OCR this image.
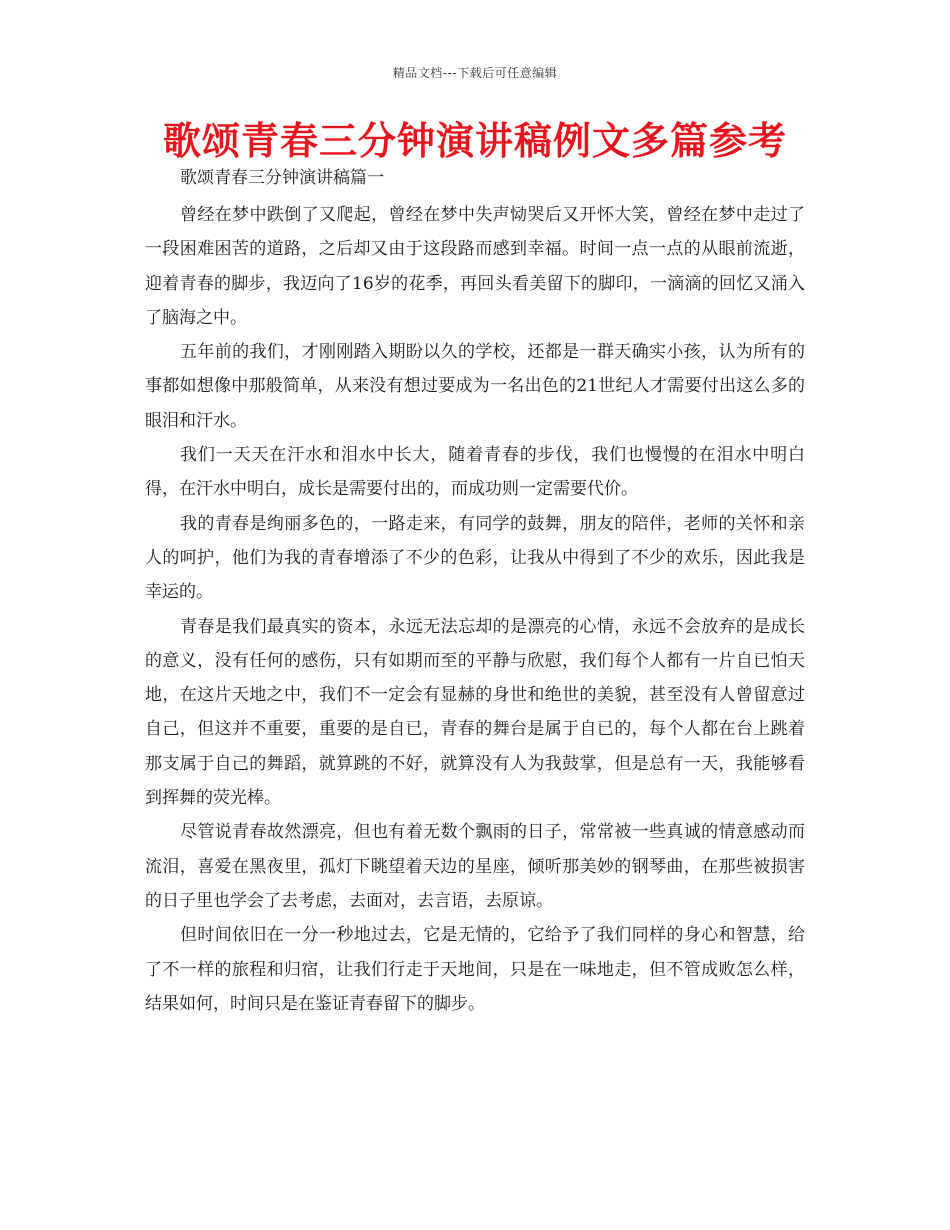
精品文档---下载后可任意编辑
歌颂青春三分钟演讲稿例文多篇参考

歌颂青春三分钟演讲稿篇一

曾经在梦中跌倒了又爬起，曾经在梦中失声恸哭后又开怀大笑，曾经在梦中走过了一段困难困苦的道路，之后却又由于这段路而感到幸福。时间一点一点的从眼前流逝，迎着青春的脚步，我迈向了16岁的花季，再回头看美留下的脚印，一滴滴的回忆又涌入了脑海之中。

五年前的我们，才刚刚踏入期盼以久的学校，还都是一群天确实小孩，认为所有的事都如想像中那般简单，从来没有想过要成为一名出色的21世纪人才需要付出这么多的眼泪和汗水。

我们一天天在汗水和泪水中长大，随着青春的步伐，我们也慢慢的在泪水中明白得，在汗水中明白，成长是需要付出的，而成功则一定需要代价。

我的青春是绚丽多色的，一路走来，有同学的鼓舞，朋友的陪伴，老师的关怀和亲人的呵护，他们为我的青春增添了不少的色彩，让我从中得到了不少的欢乐，因此我是幸运的。

青春是我们最真实的资本，永远无法忘却的是漂亮的心情，永远不会放弃的是成长的意义，没有任何的感伤，只有如期而至的平静与欣慰，我们每个人都有一片自已怕天地，在这片天地之中，我们不一定会有显赫的身世和绝世的美貌，甚至没有人曾留意过自己，但这并不重要，重要的是自已，青春的舞台是属于自已的，每个人都在台上跳着那支属于自己的舞蹈，就算跳的不好，就算没有人为我鼓掌，但是总有一天，我能够看到挥舞的荧光棒。

尽管说青春故然漂亮，但也有着无数个飘雨的日子，常常被一些真诚的情意感动而流泪，喜爱在黑夜里，孤灯下眺望着天边的星座，倾听那美妙的钢琴曲，在那些被损害的日子里也学会了去考虑，去面对，去言语，去原谅。

但时间依旧在一分一秒地过去，它是无情的，它给予了我们同样的身心和智慧，给了不一样的旅程和归宿，让我们行走于天地间，只是在一味地走，但不管成败怎么样，结果如何，时间只是在鉴证青春留下的脚步。
